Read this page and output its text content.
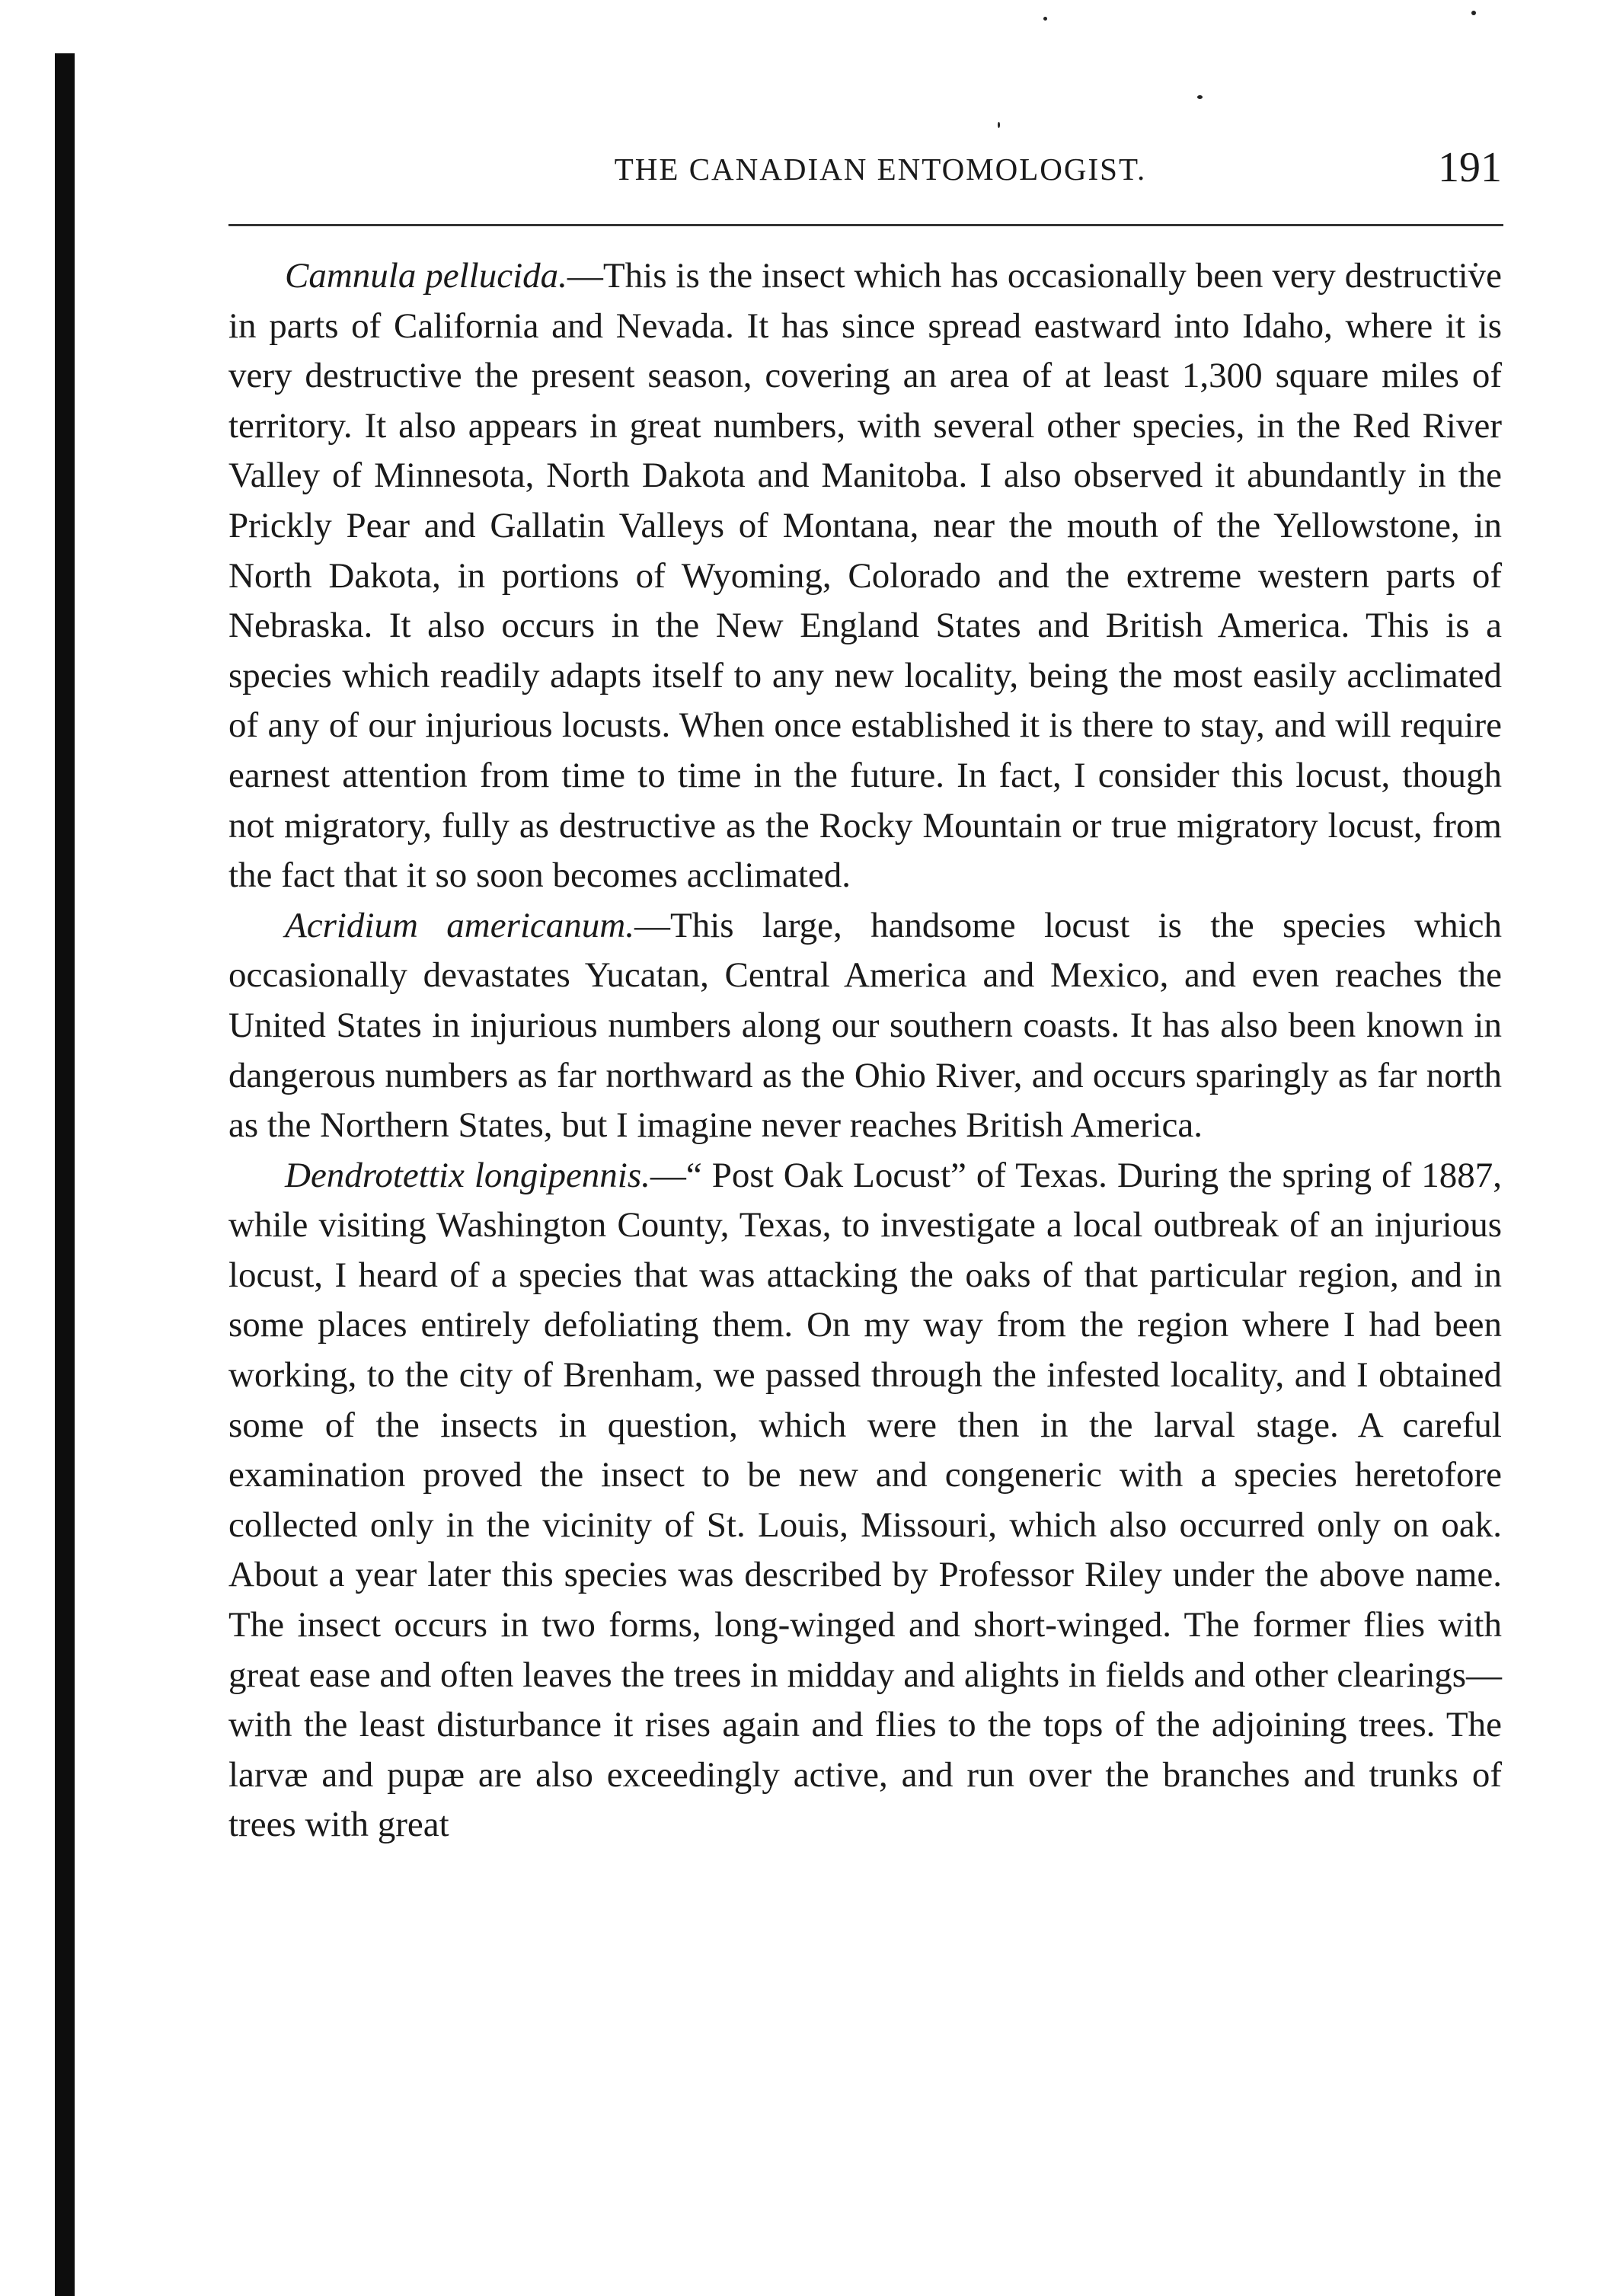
THE CANADIAN ENTOMOLOGIST.	191

Camnula pellucida.—This is the insect which has occasionally been very destructive in parts of California and Nevada. It has since spread eastward into Idaho, where it is very destructive the present season, covering an area of at least 1,300 square miles of territory. It also appears in great numbers, with several other species, in the Red River Valley of Minnesota, North Dakota and Manitoba. I also observed it abundantly in the Prickly Pear and Gallatin Valleys of Montana, near the mouth of the Yellowstone, in North Dakota, in portions of Wyoming, Colorado and the extreme western parts of Nebraska. It also occurs in the New England States and British America. This is a species which readily adapts itself to any new locality, being the most easily acclimated of any of our injurious locusts. When once established it is there to stay, and will require earnest attention from time to time in the future. In fact, I consider this locust, though not migratory, fully as destructive as the Rocky Mountain or true migratory locust, from the fact that it so soon becomes acclimated.

Acridium americanum.—This large, handsome locust is the species which occasionally devastates Yucatan, Central America and Mexico, and even reaches the United States in injurious numbers along our southern coasts. It has also been known in dangerous numbers as far northward as the Ohio River, and occurs sparingly as far north as the Northern States, but I imagine never reaches British America.

Dendrotettix longipennis.—“ Post Oak Locust” of Texas. During the spring of 1887, while visiting Washington County, Texas, to investigate a local outbreak of an injurious locust, I heard of a species that was attacking the oaks of that particular region, and in some places entirely defoliating them. On my way from the region where I had been working, to the city of Brenham, we passed through the infested locality, and I obtained some of the insects in question, which were then in the larval stage. A careful examination proved the insect to be new and congeneric with a species heretofore collected only in the vicinity of St. Louis, Missouri, which also occurred only on oak. About a year later this species was described by Professor Riley under the above name. The insect occurs in two forms, long-winged and short-winged. The former flies with great ease and often leaves the trees in midday and alights in fields and other clearings—with the least disturbance it rises again and flies to the tops of the adjoining trees. The larvæ and pupæ are also exceedingly active, and run over the branches and trunks of trees with great
